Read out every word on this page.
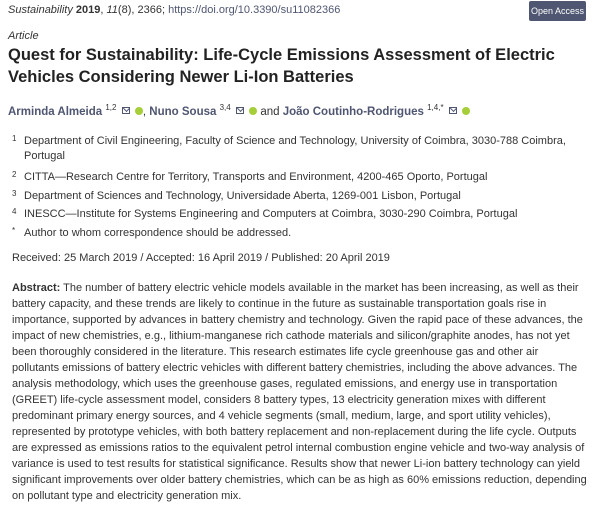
Sustainability 2019, 11(8), 2366; https://doi.org/10.3390/su11082366	Open Access
Article
Quest for Sustainability: Life-Cycle Emissions Assessment of Electric Vehicles Considering Newer Li-Ion Batteries
Arminda Almeida $^{1,2}$ , Nuno Sousa $^{3,4}$	and João Coutinho-Rodrigues $^{1,4,*}$
1 Department of Civil Engineering, Faculty of Science and Technology, University of Coimbra, 3030-788 Coimbra, Portugal
2 CITTA—Research Centre for Territory, Transports and Environment, 4200-465 Oporto, Portugal
3 Department of Sciences and Technology, Universidade Aberta, 1269-001 Lisbon, Portugal
4 INESCC—Institute for Systems Engineering and Computers at Coimbra, 3030-290 Coimbra, Portugal
* Author to whom correspondence should be addressed.
Received: 25 March 2019 / Accepted: 16 April 2019 / Published: 20 April 2019

Abstract: The number of battery electric vehicle models available in the market has been increasing, as well as their battery capacity, and these trends are likely to continue in the future as sustainable transportation goals rise in importance, supported by advances in battery chemistry and technology. Given the rapid pace of these advances, the impact of new chemistries, e.g., lithium-manganese rich cathode materials and silicon/graphite anodes, has not yet been thoroughly considered in the literature. This research estimates life cycle greenhouse gas and other air pollutants emissions of battery electric vehicles with different battery chemistries, including the above advances. The analysis methodology, which uses the greenhouse gases, regulated emissions, and energy use in transportation (GREET) life-cycle assessment model, considers 8 battery types, 13 electricity generation mixes with different predominant primary energy sources, and 4 vehicle segments (small, medium, large, and sport utility vehicles), represented by prototype vehicles, with both battery replacement and non-replacement during the life cycle. Outputs are expressed as emissions ratios to the equivalent petrol internal combustion engine vehicle and two-way analysis of variance is used to test results for statistical significance. Results show that newer Li-ion battery technology can yield significant improvements over older battery chemistries, which can be as high as 60% emissions reduction, depending on pollutant type and electricity generation mix.
